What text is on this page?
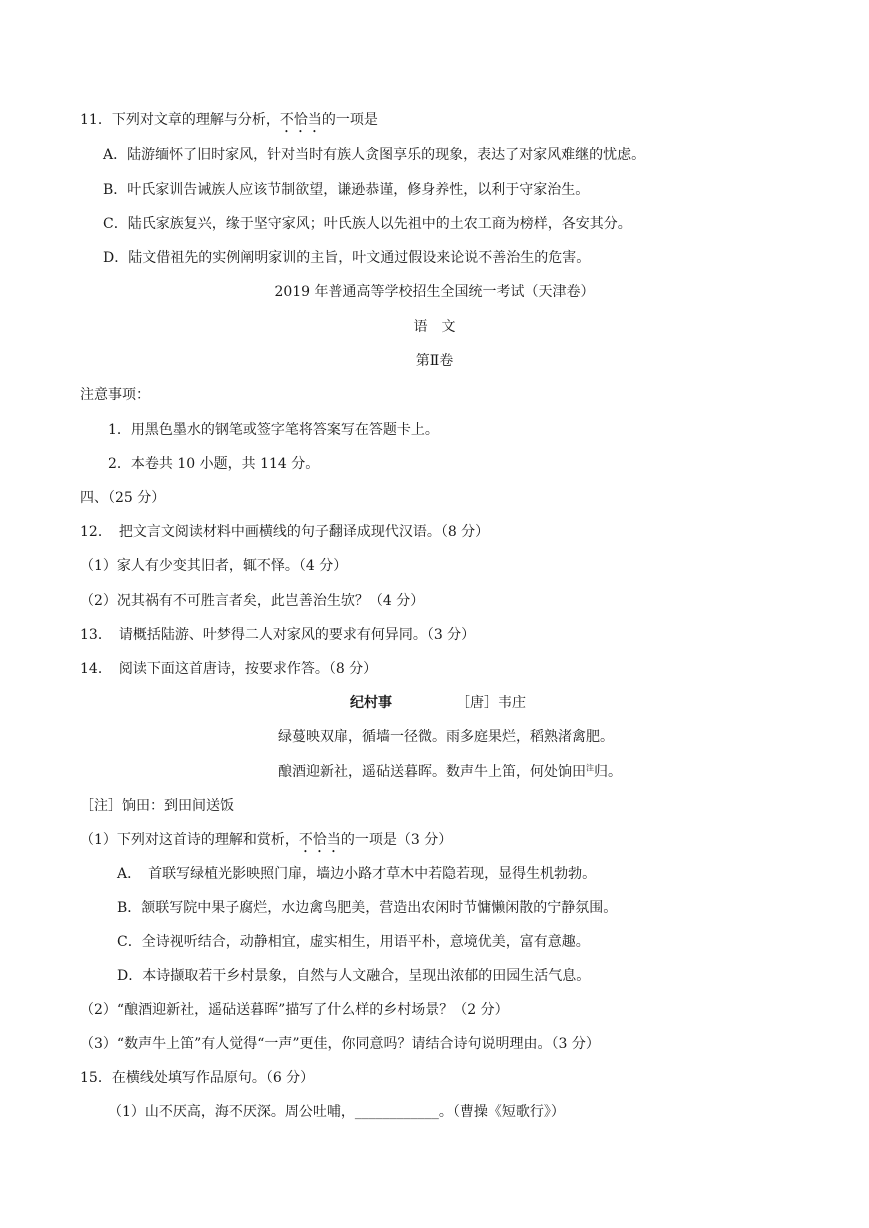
11．下列对文章的理解与分析，不恰当的一项是
A．陆游缅怀了旧时家风，针对当时有族人贪图享乐的现象，表达了对家风难继的忧虑。
B．叶氏家训告诫族人应该节制欲望，谦逊恭谨，修身养性，以利于守家治生。
C．陆氏家族复兴，缘于坚守家风；叶氏族人以先祖中的土农工商为榜样，各安其分。
D．陆文借祖先的实例阐明家训的主旨，叶文通过假设来论说不善治生的危害。
2019 年普通高等学校招生全国统一考试（天津卷）
语　文
第Ⅱ卷
注意事项：
1．用黑色墨水的钢笔或签字笔将答案写在答题卡上。
2．本卷共 10 小题，共 114 分。
四、（25 分）
12．　把文言文阅读材料中画横线的句子翻译成现代汉语。（8 分）
（1）家人有少变其旧者，辄不怿。（4 分）
（2）况其祸有不可胜言者矣，此岂善治生欤？（4 分）
13．　请概括陆游、叶梦得二人对家风的要求有何异同。（3 分）
14．　阅读下面这首唐诗，按要求作答。（8 分）
纪村事	［唐］韦庄
绿蔓映双扉，循墙一径微。雨多庭果烂，稻熟渚禽肥。
酿酒迎新社，遥砧送暮晖。数声牛上笛，何处饷田$^注$归。
［注］饷田：到田间送饭
（1）下列对这首诗的理解和赏析，不恰当的一项是（3 分）
A．　首联写绿植光影映照门扉，墙边小路才草木中若隐若现，显得生机勃勃。
B．颔联写院中果子腐烂，水边禽鸟肥美，营造出农闲时节慵懒闲散的宁静氛围。
C．全诗视听结合，动静相宜，虚实相生，用语平朴，意境优美，富有意趣。
D．本诗撷取若干乡村景象，自然与人文融合，呈现出浓郁的田园生活气息。
（2）“酿酒迎新社，遥砧送暮晖”描写了什么样的乡村场景？（2 分）
（3）“数声牛上笛”有人觉得“一声”更佳，你同意吗？请结合诗句说明理由。（3 分）
15．在横线处填写作品原句。（6 分）
（1）山不厌高，海不厌深。周公吐哺，____________。（曹操《短歌行》）
